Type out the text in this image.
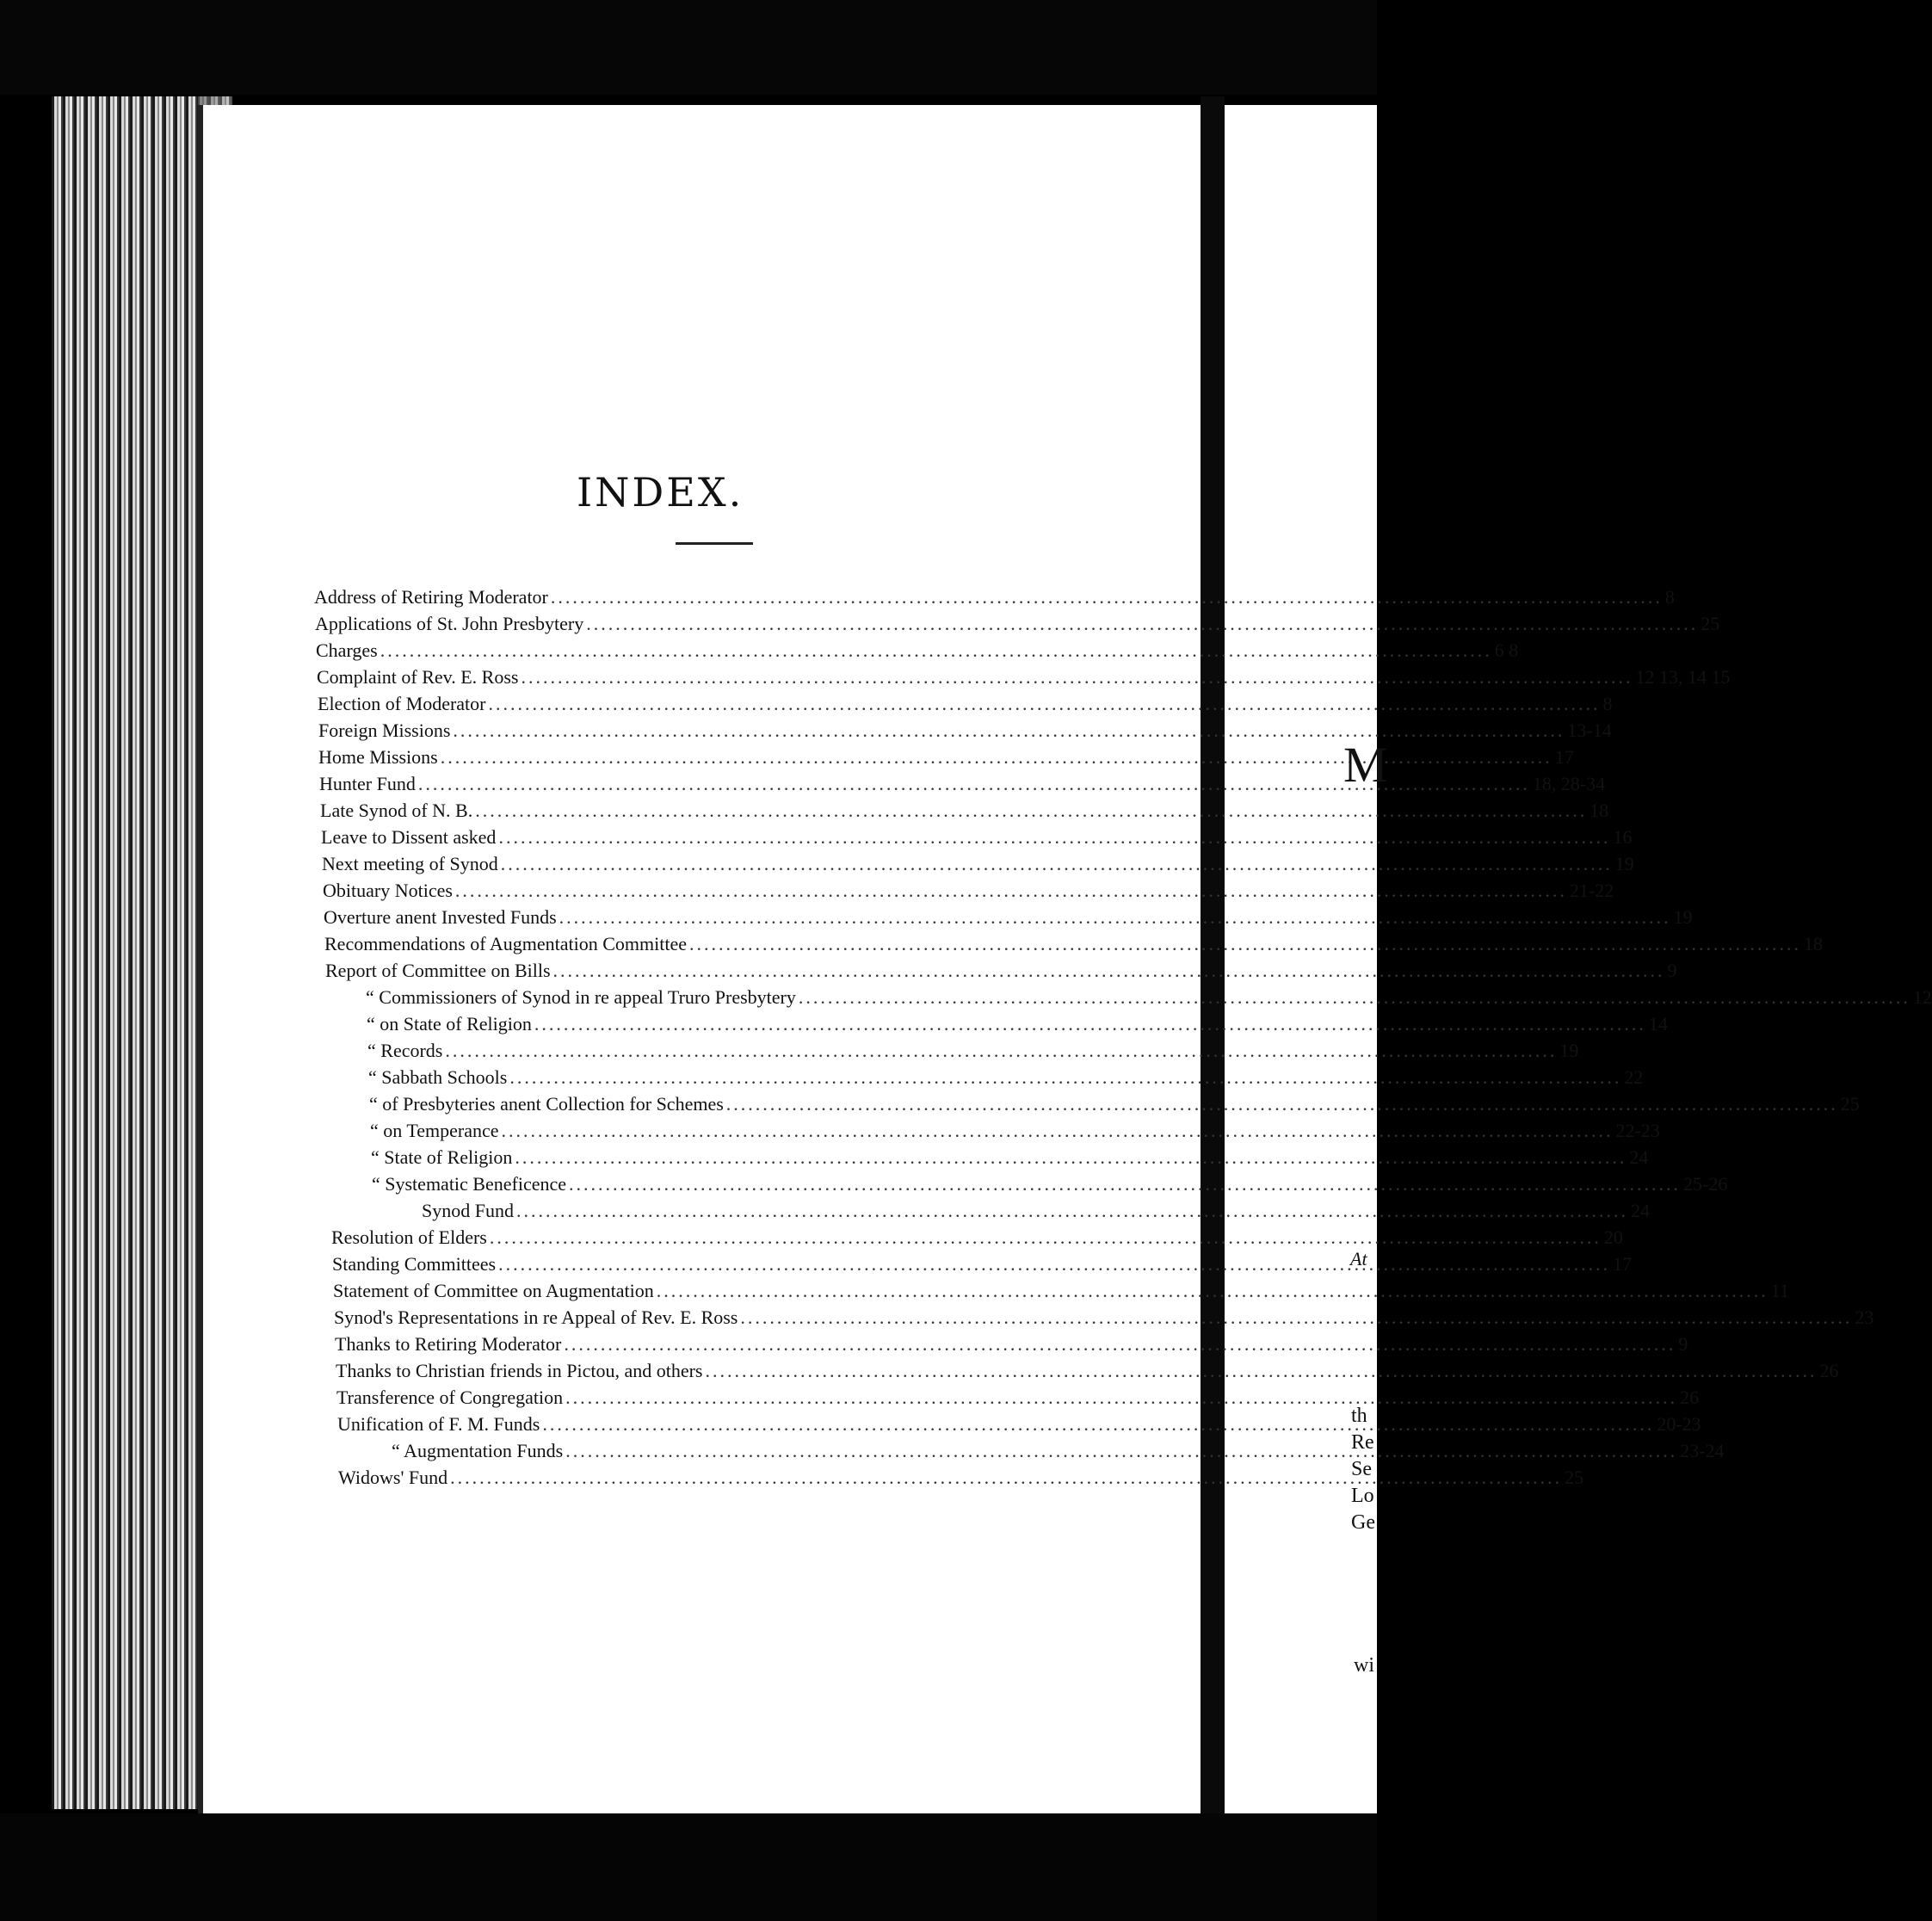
INDEX.
Address of Retiring Moderator .....	8
Applications of St. John Presbytery .....	25
Charges .....	6 8
Complaint of Rev. E. Ross .....	12 13, 14 15
Election of Moderator .....	8
Foreign Missions .....	13-14
Home Missions .....	17
Hunter Fund .....	18, 28-34
Late Synod of N. B. .....	18
Leave to Dissent asked .....	16
Next meeting of Synod .....	19
Obituary Notices .....	21-22
Overture anent Invested Funds .....	19
Recommendations of Augmentation Committee .....	18
Report of Committee on Bills .....	9
“ Commissioners of Synod in re appeal Truro Presbytery .....	12
“ on State of Religion .....	14
“ Records .....	19
“ Sabbath Schools .....	22
“ of Presbyteries anent Collection for Schemes .....	25
“ on Temperance .....	22-23
“ State of Religion .....	24
“ Systematic Beneficence .....	25-26
Synod Fund .....	24
Resolution of Elders .....	20
Standing Committees .....	17
Statement of Committee on Augmentation .....	11
Synod's Representations in re Appeal of Rev. E. Ross .....	23
Thanks to Retiring Moderator .....	9
Thanks to Christian friends in Pictou, and others .....	26
Transference of Congregation .....	26
Unification of F. M. Funds .....	20-23
“ Augmentation Funds .....	23-24
Widows' Fund .....	25
M
At
th
Re
Se
Lo
Ge
wi
